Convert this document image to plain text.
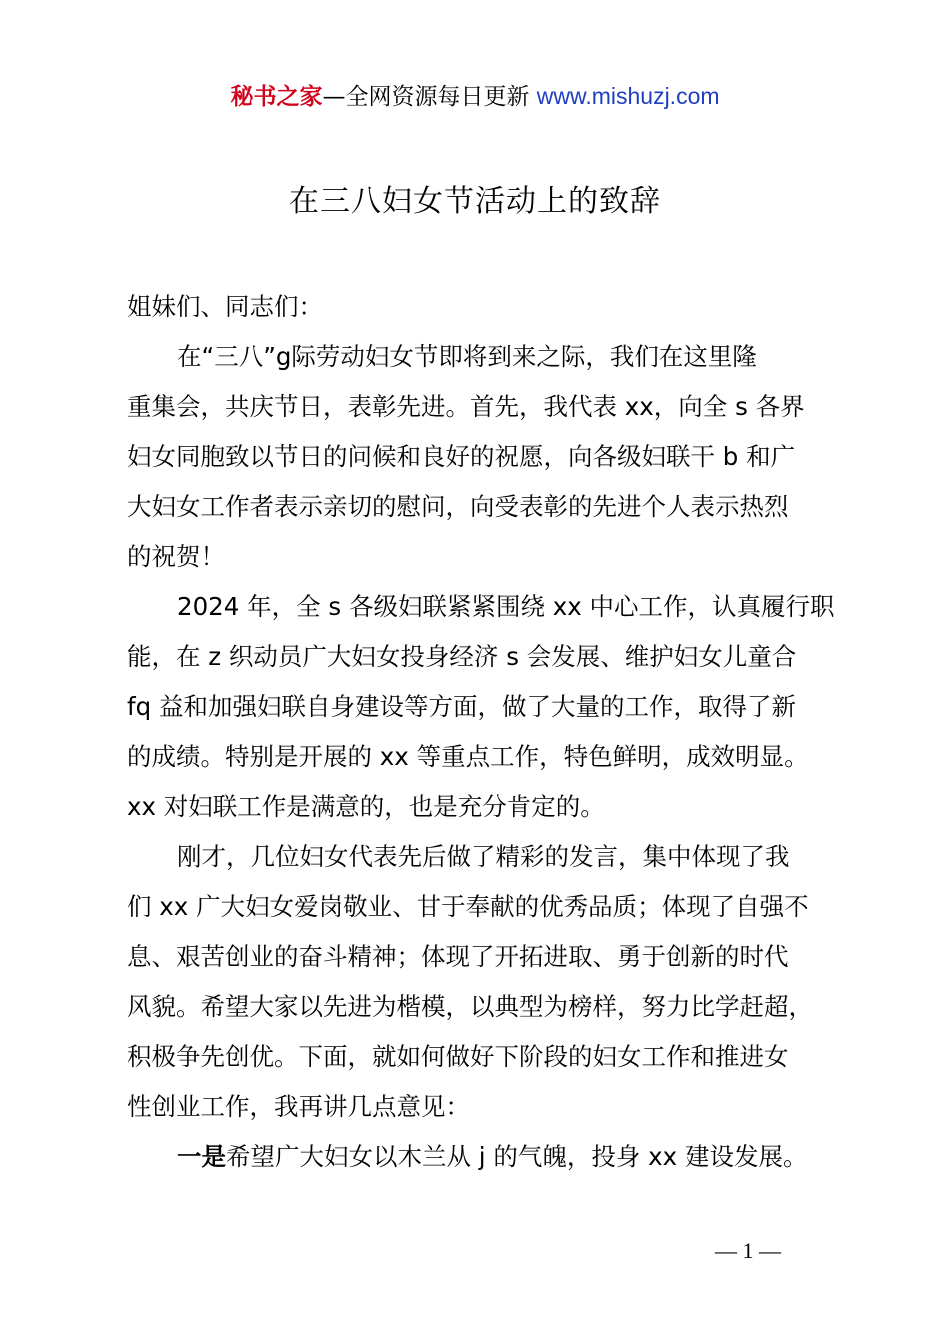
秘书之家—全网资源每日更新 www.mishuzj.com
在三八妇女节活动上的致辞
姐妹们、同志们：
在“三八”g际劳动妇女节即将到来之际，我们在这里隆
重集会，共庆节日，表彰先进。首先，我代表 xx，向全 s 各界
妇女同胞致以节日的问候和良好的祝愿，向各级妇联干 b 和广
大妇女工作者表示亲切的慰问，向受表彰的先进个人表示热烈
的祝贺！
2024 年，全 s 各级妇联紧紧围绕 xx 中心工作，认真履行职
能，在 z 织动员广大妇女投身经济 s 会发展、维护妇女儿童合
fq 益和加强妇联自身建设等方面，做了大量的工作，取得了新
的成绩。特别是开展的 xx 等重点工作，特色鲜明，成效明显。
xx 对妇联工作是满意的，也是充分肯定的。
刚才，几位妇女代表先后做了精彩的发言，集中体现了我
们 xx 广大妇女爱岗敬业、甘于奉献的优秀品质；体现了自强不
息、艰苦创业的奋斗精神；体现了开拓进取、勇于创新的时代
风貌。希望大家以先进为楷模，以典型为榜样，努力比学赶超，
积极争先创优。下面，就如何做好下阶段的妇女工作和推进女
性创业工作，我再讲几点意见：
一是希望广大妇女以木兰从 j 的气魄，投身 xx 建设发展。
— 1 —
